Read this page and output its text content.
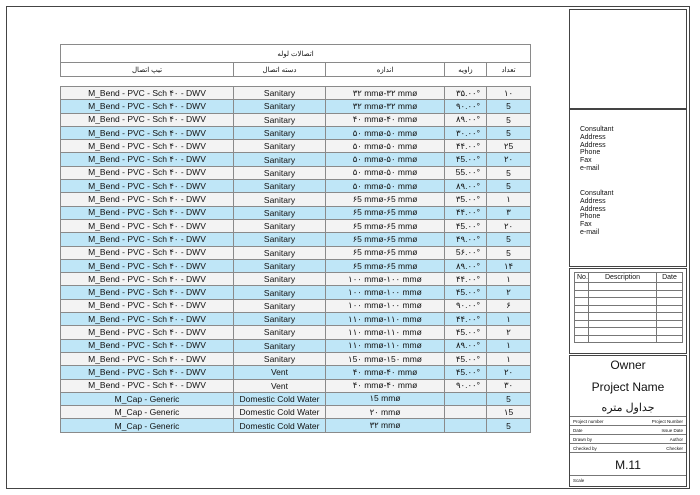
اتصالات لوله				
تیپ اتصال	دسته اتصال	اندازه	زاویه	تعداد

M_Bend - PVC - Sch ۴۰ - DWV	Sanitary	۳۲ mmø-۳۲ mmø	۳۵.۰۰°	۱۰
M_Bend - PVC - Sch ۴۰ - DWV	Sanitary	۳۲ mmø-۳۲ mmø	۹۰.۰۰°	5
M_Bend - PVC - Sch ۴۰ - DWV	Sanitary	۴۰ mmø-۴۰ mmø	۸۹.۰۰°	5
M_Bend - PVC - Sch ۴۰ - DWV	Sanitary	۵۰ mmø-۵۰ mmø	۳۰.۰۰°	5
M_Bend - PVC - Sch ۴۰ - DWV	Sanitary	۵۰ mmø-۵۰ mmø	۴۴.۰۰°	۲5
M_Bend - PVC - Sch ۴۰ - DWV	Sanitary	۵۰ mmø-۵۰ mmø	۴5.۰۰°	۲۰
M_Bend - PVC - Sch ۴۰ - DWV	Sanitary	۵۰ mmø-۵۰ mmø	55.۰۰°	5
M_Bend - PVC - Sch ۴۰ - DWV	Sanitary	۵۰ mmø-۵۰ mmø	۸۹.۰۰°	5
M_Bend - PVC - Sch ۴۰ - DWV	Sanitary	۶5 mmø-۶5 mmø	۳5.۰۰°	۱
M_Bend - PVC - Sch ۴۰ - DWV	Sanitary	۶5 mmø-۶5 mmø	۴۴.۰۰°	۳
M_Bend - PVC - Sch ۴۰ - DWV	Sanitary	۶5 mmø-۶5 mmø	۴5.۰۰°	۲۰
M_Bend - PVC - Sch ۴۰ - DWV	Sanitary	۶5 mmø-۶5 mmø	۴۹.۰۰°	5
M_Bend - PVC - Sch ۴۰ - DWV	Sanitary	۶5 mmø-۶5 mmø	5۶.۰۰°	5
M_Bend - PVC - Sch ۴۰ - DWV	Sanitary	۶5 mmø-۶5 mmø	۸۹.۰۰°	۱۴
M_Bend - PVC - Sch ۴۰ - DWV	Sanitary	۱۰۰ mmø-۱۰۰ mmø	۴۴.۰۰°	۱
M_Bend - PVC - Sch ۴۰ - DWV	Sanitary	۱۰۰ mmø-۱۰۰ mmø	۴5.۰۰°	۲
M_Bend - PVC - Sch ۴۰ - DWV	Sanitary	۱۰۰ mmø-۱۰۰ mmø	۹۰.۰۰°	۶
M_Bend - PVC - Sch ۴۰ - DWV	Sanitary	۱۱۰ mmø-۱۱۰ mmø	۴۴.۰۰°	۱
M_Bend - PVC - Sch ۴۰ - DWV	Sanitary	۱۱۰ mmø-۱۱۰ mmø	۴5.۰۰°	۲
M_Bend - PVC - Sch ۴۰ - DWV	Sanitary	۱۱۰ mmø-۱۱۰ mmø	۸۹.۰۰°	۱
M_Bend - PVC - Sch ۴۰ - DWV	Sanitary	۱5۰ mmø-۱5۰ mmø	۴5.۰۰°	۱
M_Bend - PVC - Sch ۴۰ - DWV	Vent	۴۰ mmø-۴۰ mmø	۴5.۰۰°	۲۰
M_Bend - PVC - Sch ۴۰ - DWV	Vent	۴۰ mmø-۴۰ mmø	۹۰.۰۰°	۳۰
M_Cap - Generic	Domestic Cold Water	۱5 mmø		5
M_Cap - Generic	Domestic Cold Water	۲۰ mmø		۱5
M_Cap - Generic	Domestic Cold Water	۳۲ mmø		5
Consultant
Address
Address
Phone
Fax
e-mail
Consultant
Address
Address
Phone
Fax
e-mail
No.	Description	Date

Owner
Project Name
جداول متره
Project number	Project Number
Date	Issue Date
Drawn by	Author
Checked by	Checker
M.11
Scale
